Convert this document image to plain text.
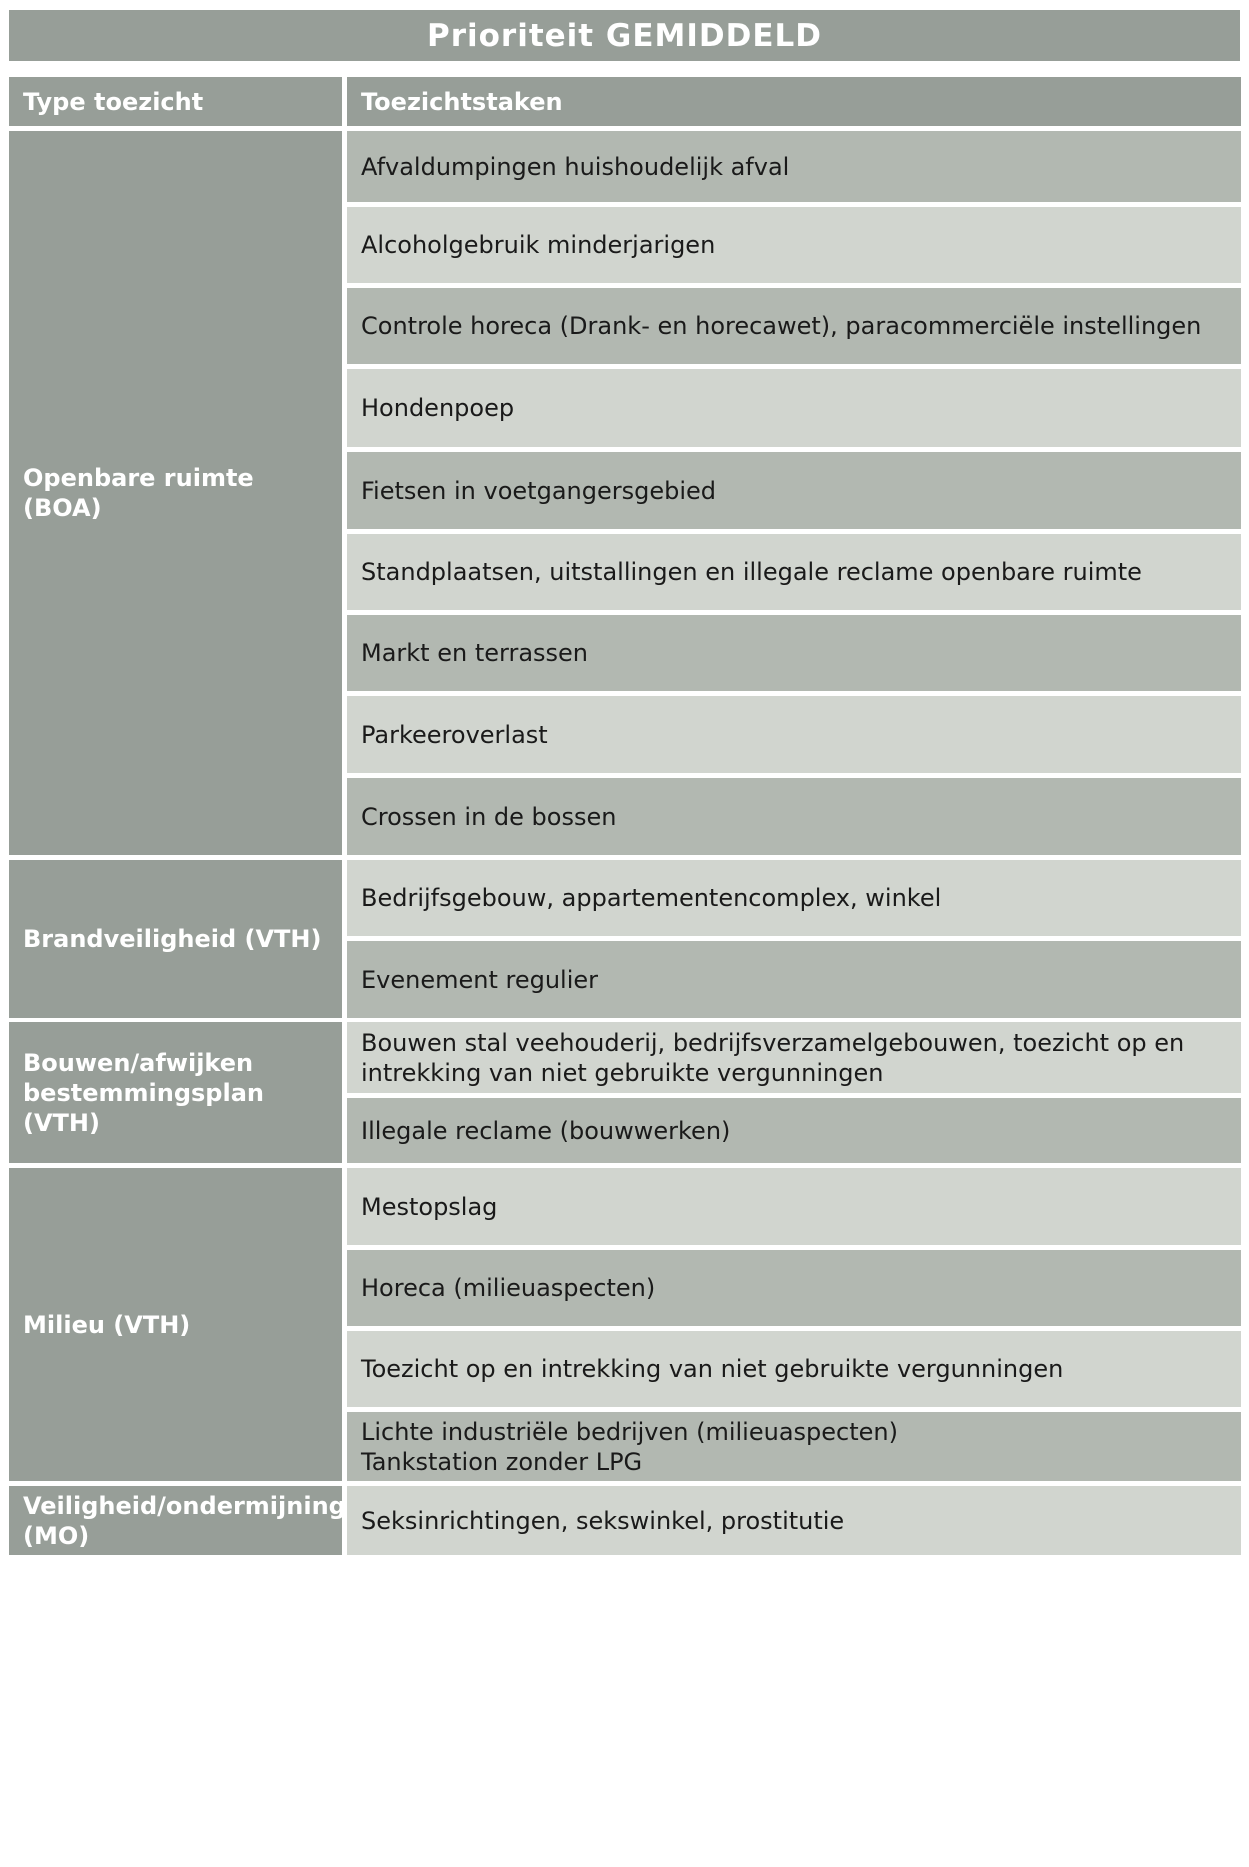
Prioriteit GEMIDDELD
Type toezicht	Toezichtstaken
Openbare ruimte (BOA)
Brandveiligheid (VTH)
Bouwen/afwijken bestemmingsplan (VTH)
Milieu (VTH)
Veiligheid/ondermijning (MO)
Afvaldumpingen huishoudelijk afval
Alcoholgebruik minderjarigen
Controle horeca (Drank- en horecawet), paracommerciële instellingen
Hondenpoep
Fietsen in voetgangersgebied
Standplaatsen, uitstallingen en illegale reclame openbare ruimte
Markt en terrassen
Parkeeroverlast
Crossen in de bossen
Bedrijfsgebouw, appartementencomplex, winkel
Evenement regulier
Bouwen stal veehouderij, bedrijfsverzamelgebouwen, toezicht op en intrekking van niet gebruikte vergunningen
Illegale reclame (bouwwerken)
Mestopslag
Horeca (milieuaspecten)
Toezicht op en intrekking van niet gebruikte vergunningen
Lichte industriële bedrijven (milieuaspecten)
Tankstation zonder LPG
Seksinrichtingen, sekswinkel, prostitutie
